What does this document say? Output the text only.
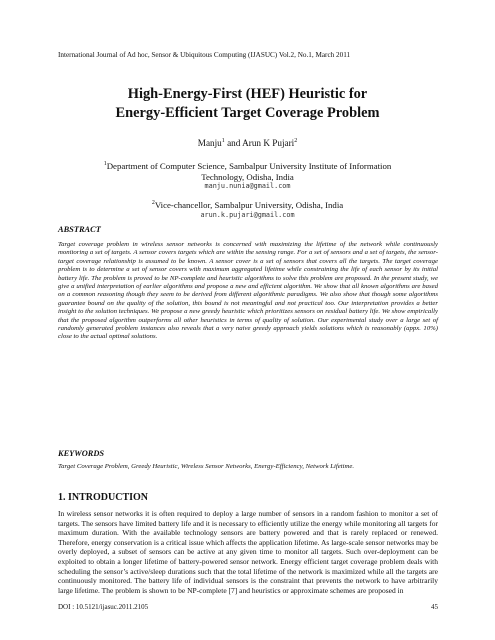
International Journal of Ad hoc, Sensor & Ubiquitous Computing (IJASUC) Vol.2, No.1, March 2011
High-Energy-First (HEF) Heuristic for
Energy-Efficient Target Coverage Problem
Manju$^1$ and Arun K Pujari$^2$
$^1$Department of Computer Science, Sambalpur University Institute of Information
Technology, Odisha, India
manju.nunia@gmail.com
$^2$Vice-chancellor, Sambalpur University, Odisha, India
arun.k.pujari@gmail.com
ABSTRACT
Target coverage problem in wireless sensor networks is concerned with maximizing the lifetime of the network while continuously monitoring a set of targets. A sensor covers targets which are within the sensing range. For a set of sensors and a set of targets, the sensor-target coverage relationship is assumed to be known. A sensor cover is a set of sensors that covers all the targets. The target coverage problem is to determine a set of sensor covers with maximum aggregated lifetime while constraining the life of each sensor by its initial battery life. The problem is proved to be NP-complete and heuristic algorithms to solve this problem are proposed. In the present study, we give a unified interpretation of earlier algorithms and propose a new and efficient algorithm. We show that all known algorithms are based on a common reasoning though they seem to be derived from different algorithmic paradigms. We also show that though some algorithms guarantee bound on the quality of the solution, this bound is not meaningful and not practical too. Our interpretation provides a better insight to the solution techniques. We propose a new greedy heuristic which prioritizes sensors on residual battery life. We show empirically that the proposed algorithm outperforms all other heuristics in terms of quality of solution. Our experimental study over a large set of randomly generated problem instances also reveals that a very naive greedy approach yields solutions which is reasonably (appx. 10%) close to the actual optimal solutions.
KEYWORDS
Target Coverage Problem, Greedy Heuristic, Wireless Sensor Networks, Energy-Efficiency, Network Lifetime.
1. INTRODUCTION
In wireless sensor networks it is often required to deploy a large number of sensors in a random fashion to monitor a set of targets. The sensors have limited battery life and it is necessary to efficiently utilize the energy while monitoring all targets for maximum duration. With the available technology sensors are battery powered and that is rarely replaced or renewed. Therefore, energy conservation is a critical issue which affects the application lifetime. As large-scale sensor networks may be overly deployed, a subset of sensors can be active at any given time to monitor all targets. Such over-deployment can be exploited to obtain a longer lifetime of battery-powered sensor network. Energy efficient target coverage problem deals with scheduling the sensor’s active/sleep durations such that the total lifetime of the network is maximized while all the targets are continuously monitored. The battery life of individual sensors is the constraint that prevents the network to have arbitrarily large lifetime. The problem is shown to be NP-complete [7] and heuristics or approximate schemes are proposed in
DOI : 10.5121/ijasuc.2011.2105	45
